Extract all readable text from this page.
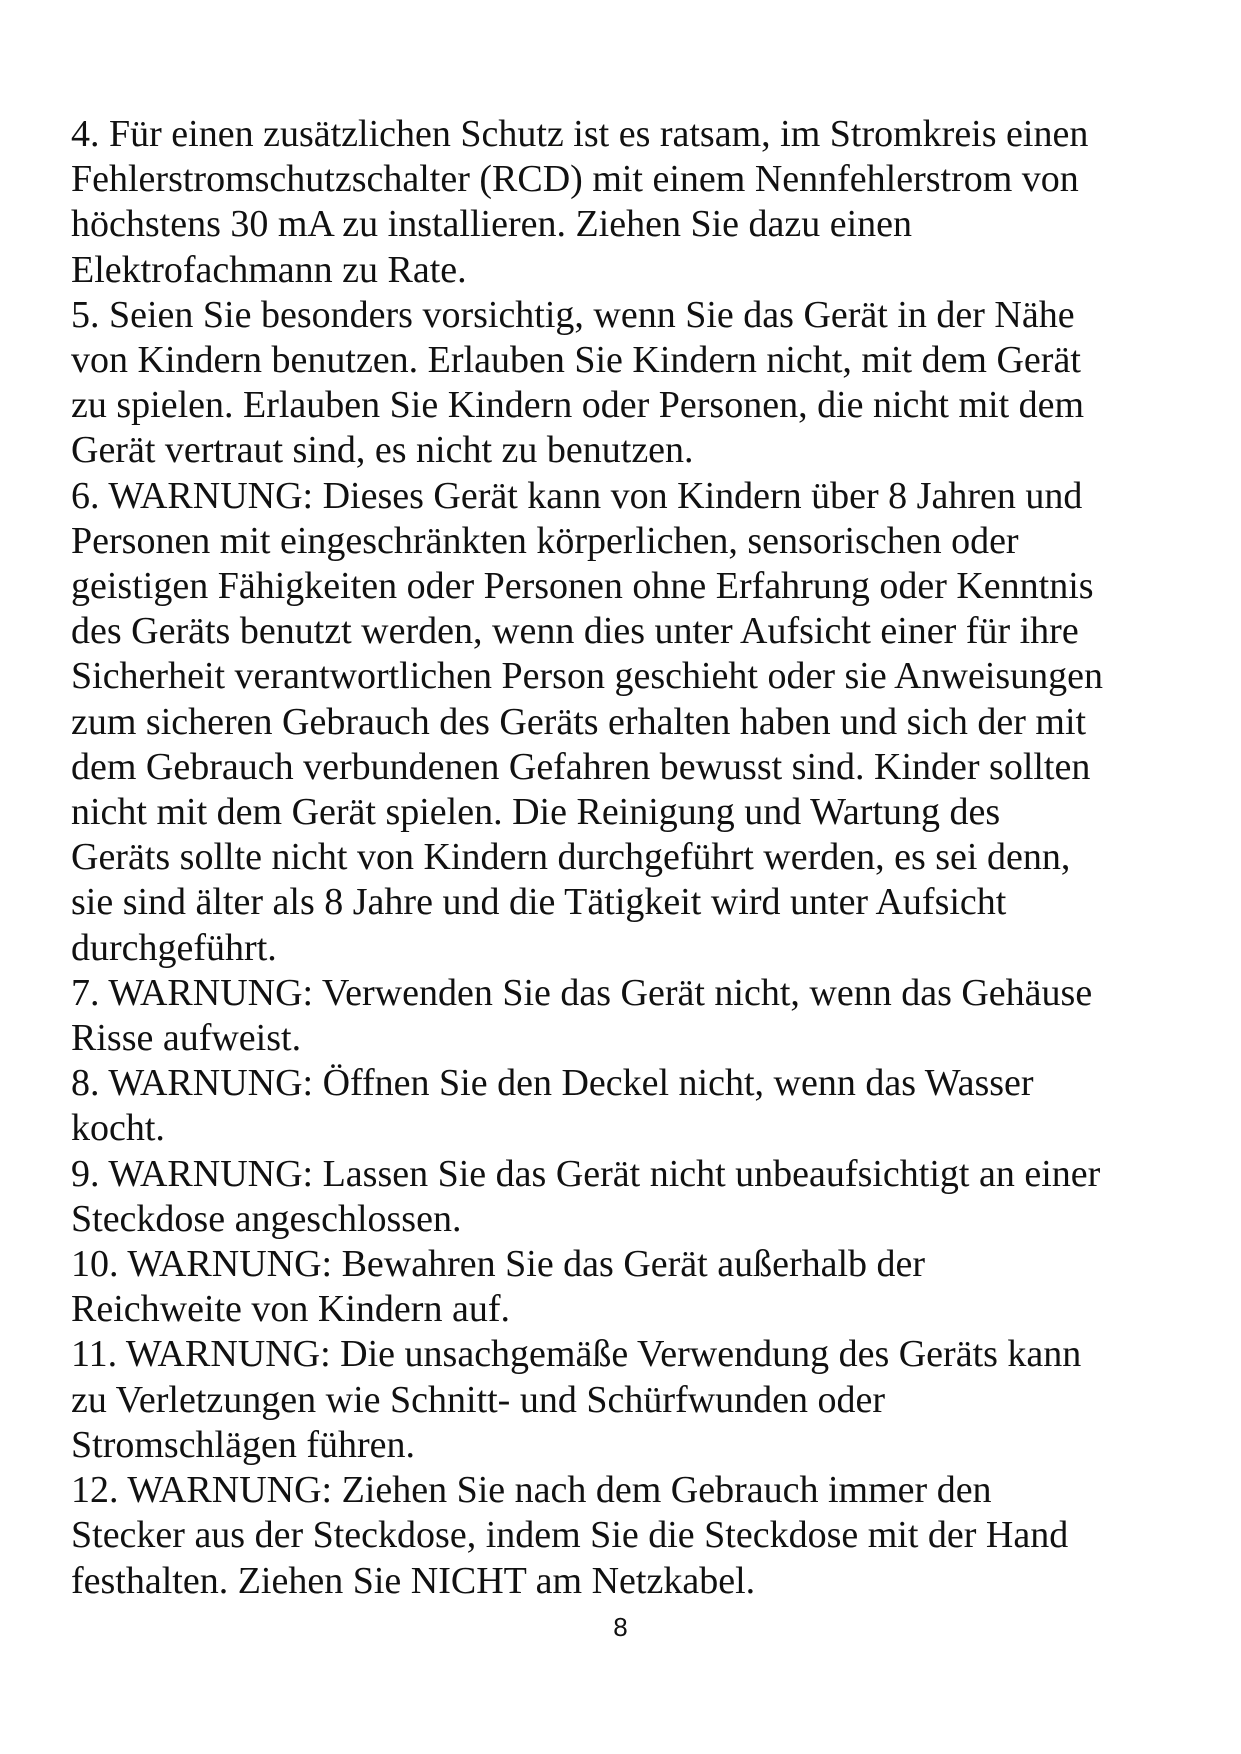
4. Für einen zusätzlichen Schutz ist es ratsam, im Stromkreis einen
Fehlerstromschutzschalter (RCD) mit einem Nennfehlerstrom von
höchstens 30 mA zu installieren. Ziehen Sie dazu einen
Elektrofachmann zu Rate.

5. Seien Sie besonders vorsichtig, wenn Sie das Gerät in der Nähe
von Kindern benutzen. Erlauben Sie Kindern nicht, mit dem Gerät
zu spielen. Erlauben Sie Kindern oder Personen, die nicht mit dem
Gerät vertraut sind, es nicht zu benutzen.

6. WARNUNG: Dieses Gerät kann von Kindern über 8 Jahren und
Personen mit eingeschränkten körperlichen, sensorischen oder
geistigen Fähigkeiten oder Personen ohne Erfahrung oder Kenntnis
des Geräts benutzt werden, wenn dies unter Aufsicht einer für ihre
Sicherheit verantwortlichen Person geschieht oder sie Anweisungen
zum sicheren Gebrauch des Geräts erhalten haben und sich der mit
dem Gebrauch verbundenen Gefahren bewusst sind. Kinder sollten
nicht mit dem Gerät spielen. Die Reinigung und Wartung des
Geräts sollte nicht von Kindern durchgeführt werden, es sei denn,
sie sind älter als 8 Jahre und die Tätigkeit wird unter Aufsicht
durchgeführt.

7. WARNUNG: Verwenden Sie das Gerät nicht, wenn das Gehäuse
Risse aufweist.

8. WARNUNG: Öffnen Sie den Deckel nicht, wenn das Wasser
kocht.

9. WARNUNG: Lassen Sie das Gerät nicht unbeaufsichtigt an einer
Steckdose angeschlossen.

10. WARNUNG: Bewahren Sie das Gerät außerhalb der
Reichweite von Kindern auf.

11. WARNUNG: Die unsachgemäße Verwendung des Geräts kann
zu Verletzungen wie Schnitt- und Schürfwunden oder
Stromschlägen führen.

12. WARNUNG: Ziehen Sie nach dem Gebrauch immer den
Stecker aus der Steckdose, indem Sie die Steckdose mit der Hand
festhalten. Ziehen Sie NICHT am Netzkabel.

8
